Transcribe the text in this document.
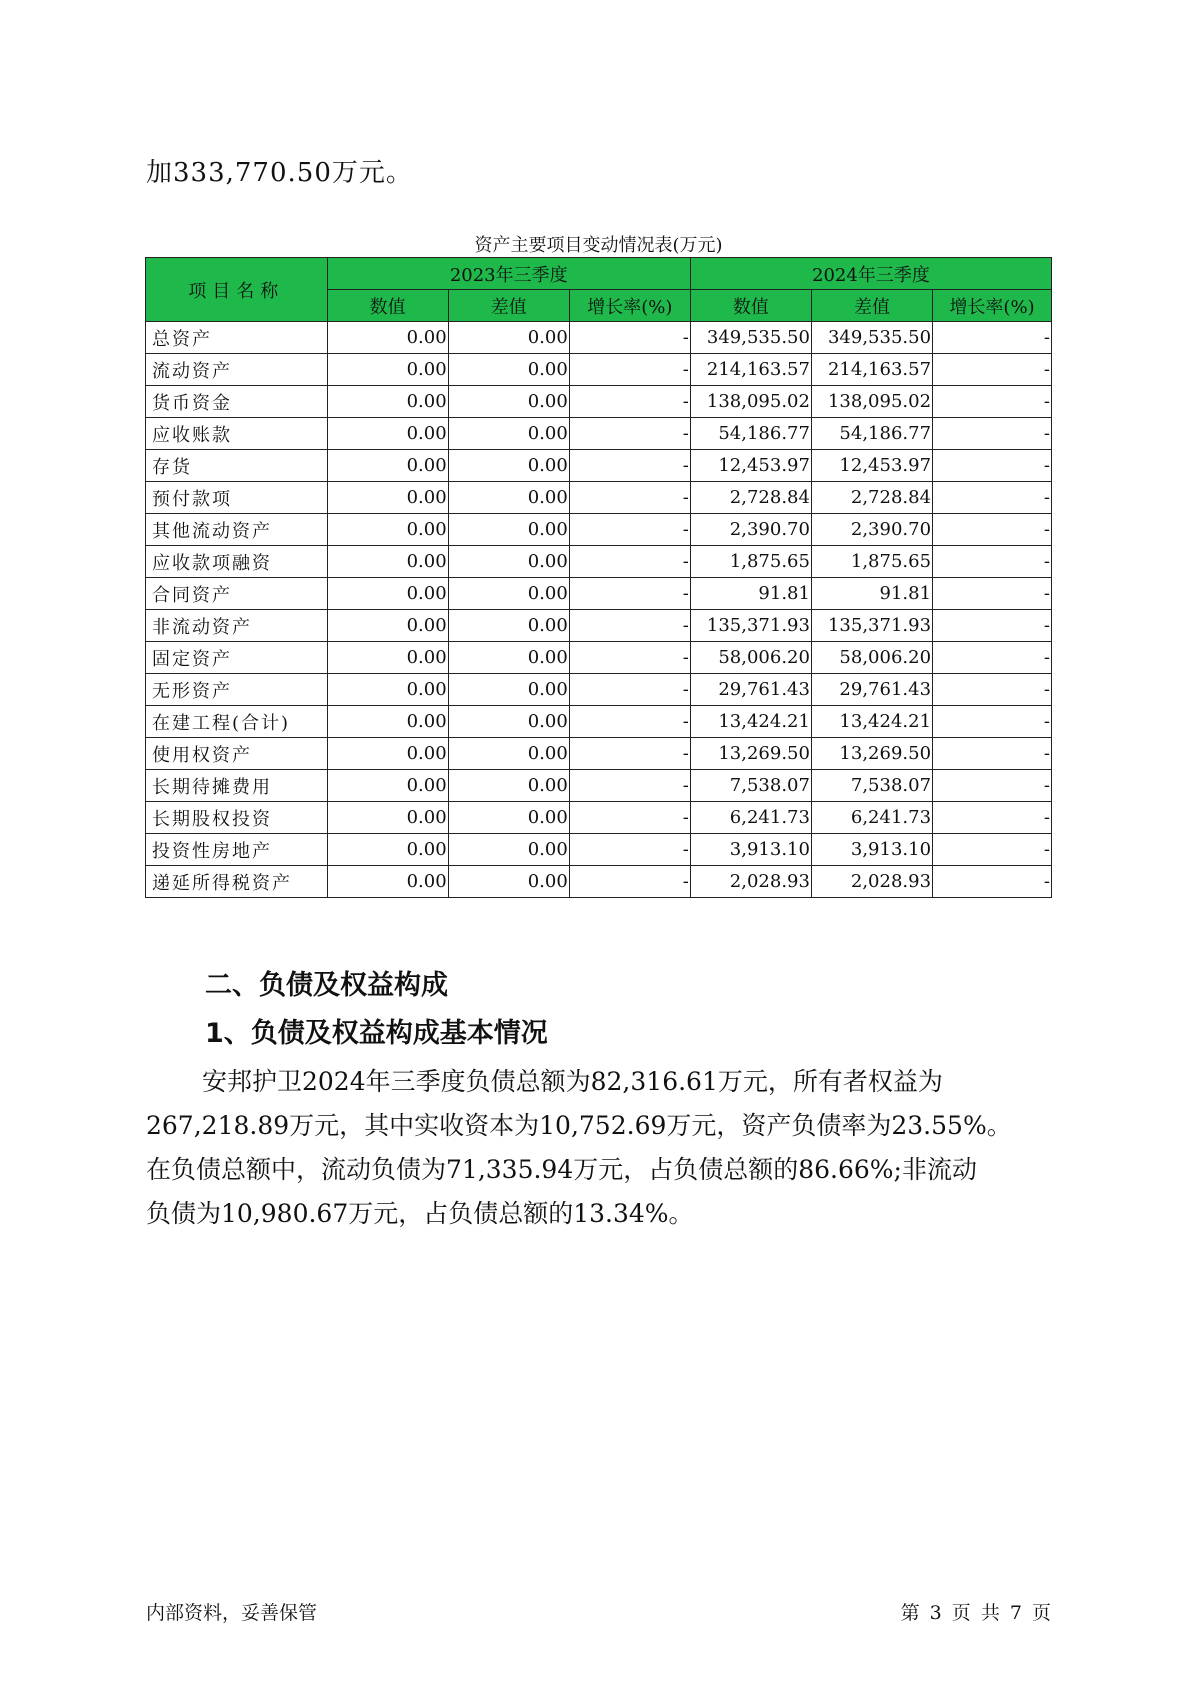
加333,770.50万元。
资产主要项目变动情况表(万元)
项目名称	2023年三季度			2024年三季度		
	数值	差值	增长率(%)	数值	差值	增长率(%)
总资产	0.00	0.00	-	349,535.50	349,535.50	-
流动资产	0.00	0.00	-	214,163.57	214,163.57	-
货币资金	0.00	0.00	-	138,095.02	138,095.02	-
应收账款	0.00	0.00	-	54,186.77	54,186.77	-
存货	0.00	0.00	-	12,453.97	12,453.97	-
预付款项	0.00	0.00	-	2,728.84	2,728.84	-
其他流动资产	0.00	0.00	-	2,390.70	2,390.70	-
应收款项融资	0.00	0.00	-	1,875.65	1,875.65	-
合同资产	0.00	0.00	-	91.81	91.81	-
非流动资产	0.00	0.00	-	135,371.93	135,371.93	-
固定资产	0.00	0.00	-	58,006.20	58,006.20	-
无形资产	0.00	0.00	-	29,761.43	29,761.43	-
在建工程(合计)	0.00	0.00	-	13,424.21	13,424.21	-
使用权资产	0.00	0.00	-	13,269.50	13,269.50	-
长期待摊费用	0.00	0.00	-	7,538.07	7,538.07	-
长期股权投资	0.00	0.00	-	6,241.73	6,241.73	-
投资性房地产	0.00	0.00	-	3,913.10	3,913.10	-
递延所得税资产	0.00	0.00	-	2,028.93	2,028.93	-
二、负债及权益构成
1、负债及权益构成基本情况
安邦护卫2024年三季度负债总额为82,316.61万元，所有者权益为
267,218.89万元，其中实收资本为10,752.69万元，资产负债率为23.55%。
在负债总额中，流动负债为71,335.94万元，占负债总额的86.66%;非流动
负债为10,980.67万元，占负债总额的13.34%。
内部资料，妥善保管	第 3 页 共 7 页
